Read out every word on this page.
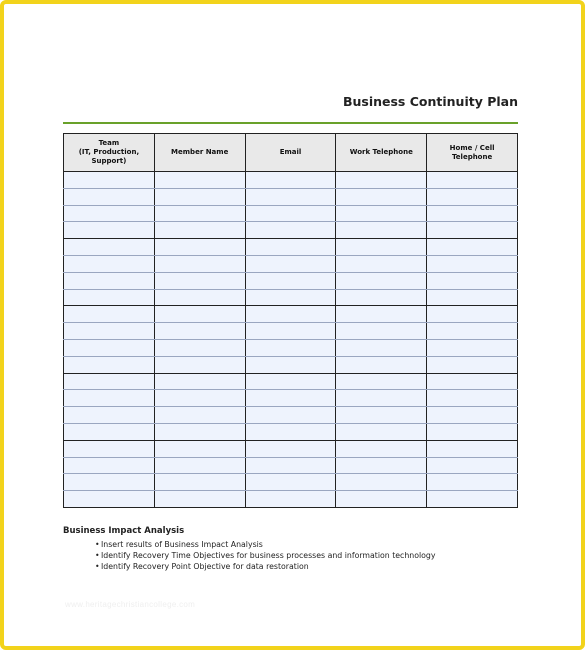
Business Continuity Plan
Team
(IT, Production,
Support)	Member Name	Email	Work Telephone	Home / Cell Telephone

Business Impact Analysis
•Insert results of Business Impact Analysis
•Identify Recovery Time Objectives for business processes and information technology
•Identify Recovery Point Objective for data restoration
www.heritagechristiancollege.com
